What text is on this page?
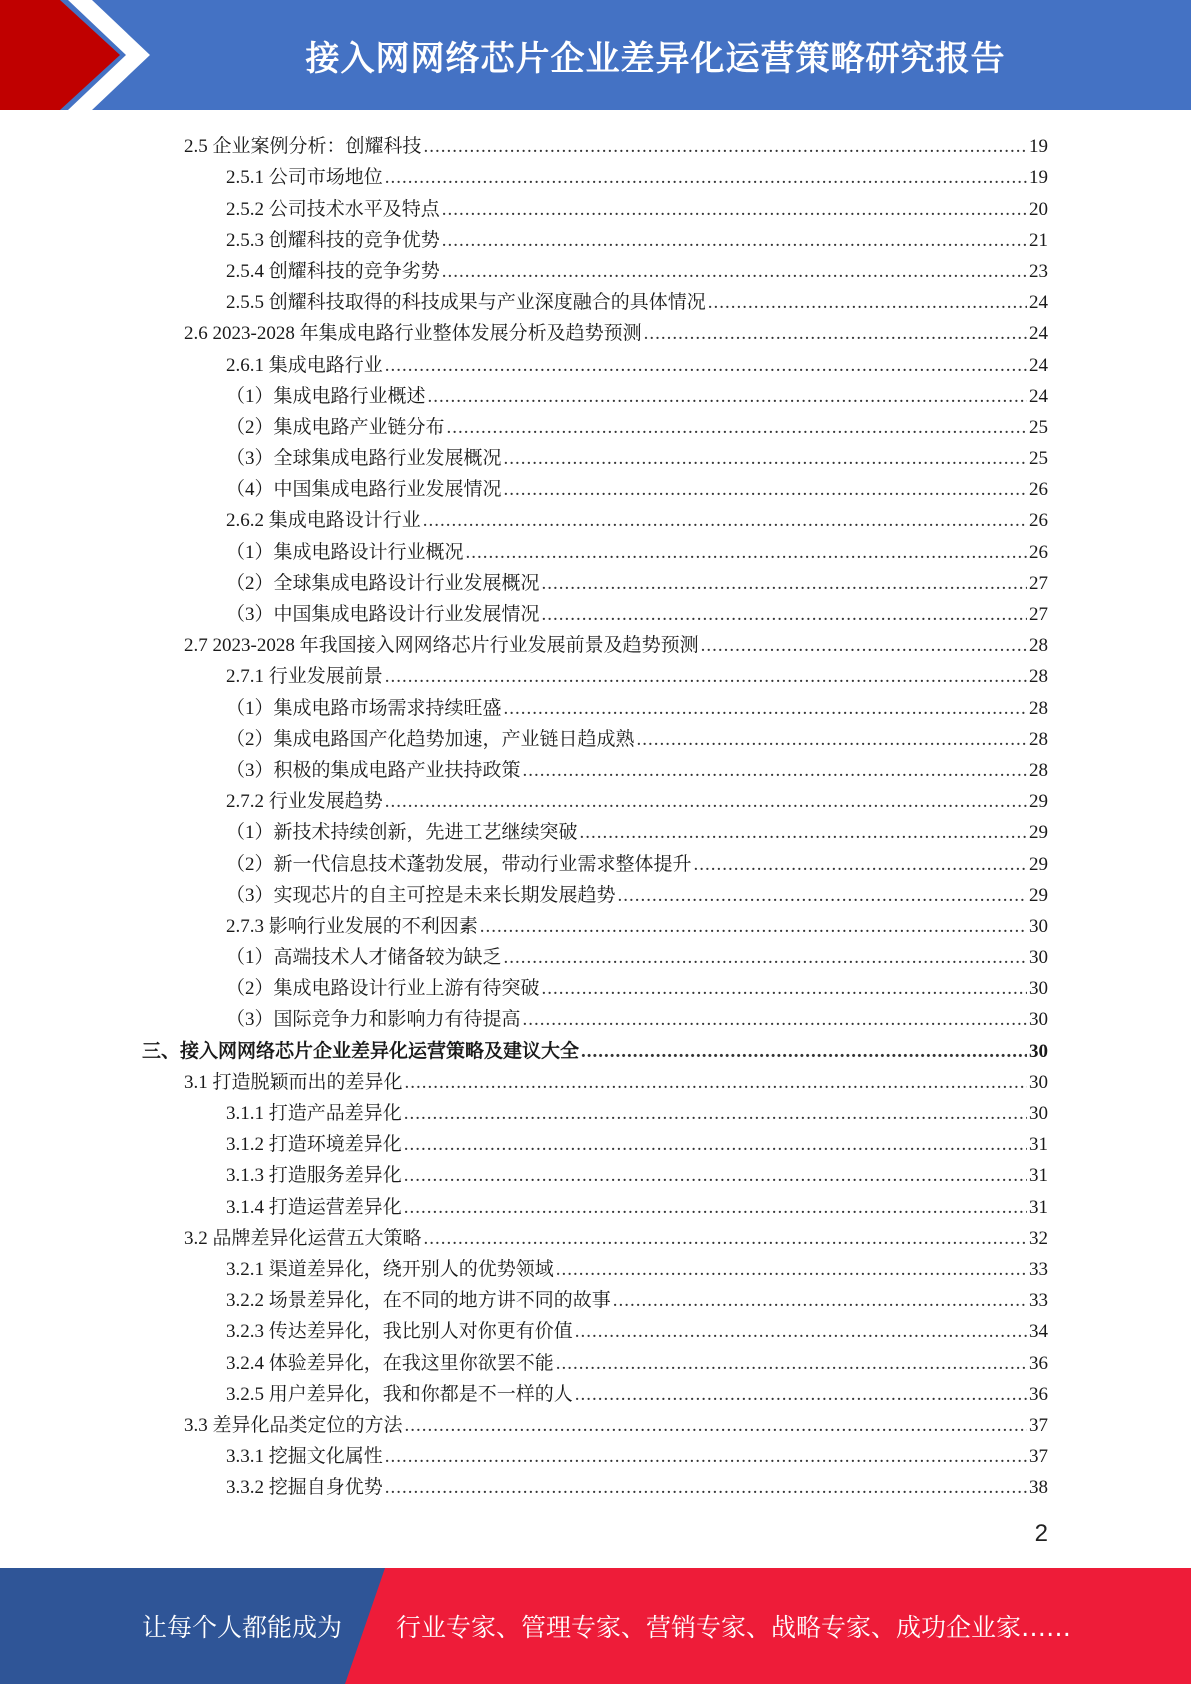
接入网网络芯片企业差异化运营策略研究报告
2.5 企业案例分析：创耀科技 .....	19
2.5.1 公司市场地位 .....	19
2.5.2 公司技术水平及特点 .....	20
2.5.3 创耀科技的竞争优势 .....	21
2.5.4 创耀科技的竞争劣势 .....	23
2.5.5 创耀科技取得的科技成果与产业深度融合的具体情况 .....	24
2.6 2023-2028 年集成电路行业整体发展分析及趋势预测 .....	24
2.6.1 集成电路行业 .....	24
（1）集成电路行业概述 .....	24
（2）集成电路产业链分布 .....	25
（3）全球集成电路行业发展概况 .....	25
（4）中国集成电路行业发展情况 .....	26
2.6.2 集成电路设计行业 .....	26
（1）集成电路设计行业概况 .....	26
（2）全球集成电路设计行业发展概况 .....	27
（3）中国集成电路设计行业发展情况 .....	27
2.7 2023-2028 年我国接入网网络芯片行业发展前景及趋势预测 .....	28
2.7.1 行业发展前景 .....	28
（1）集成电路市场需求持续旺盛 .....	28
（2）集成电路国产化趋势加速，产业链日趋成熟 .....	28
（3）积极的集成电路产业扶持政策 .....	28
2.7.2 行业发展趋势 .....	29
（1）新技术持续创新，先进工艺继续突破 .....	29
（2）新一代信息技术蓬勃发展，带动行业需求整体提升 .....	29
（3）实现芯片的自主可控是未来长期发展趋势 .....	29
2.7.3 影响行业发展的不利因素 .....	30
（1）高端技术人才储备较为缺乏 .....	30
（2）集成电路设计行业上游有待突破 .....	30
（3）国际竞争力和影响力有待提高 .....	30
三、接入网网络芯片企业差异化运营策略及建议大全 .....	30
3.1 打造脱颖而出的差异化 .....	30
3.1.1 打造产品差异化 .....	30
3.1.2 打造环境差异化 .....	31
3.1.3 打造服务差异化 .....	31
3.1.4 打造运营差异化 .....	31
3.2 品牌差异化运营五大策略 .....	32
3.2.1 渠道差异化，绕开别人的优势领域 .....	33
3.2.2 场景差异化，在不同的地方讲不同的故事 .....	33
3.2.3 传达差异化，我比别人对你更有价值 .....	34
3.2.4 体验差异化，在我这里你欲罢不能 .....	36
3.2.5 用户差异化，我和你都是不一样的人 .....	36
3.3 差异化品类定位的方法 .....	37
3.3.1 挖掘文化属性 .....	37
3.3.2 挖掘自身优势 .....	38
2
让每个人都能成为 行业专家、管理专家、营销专家、战略专家、成功企业家……
